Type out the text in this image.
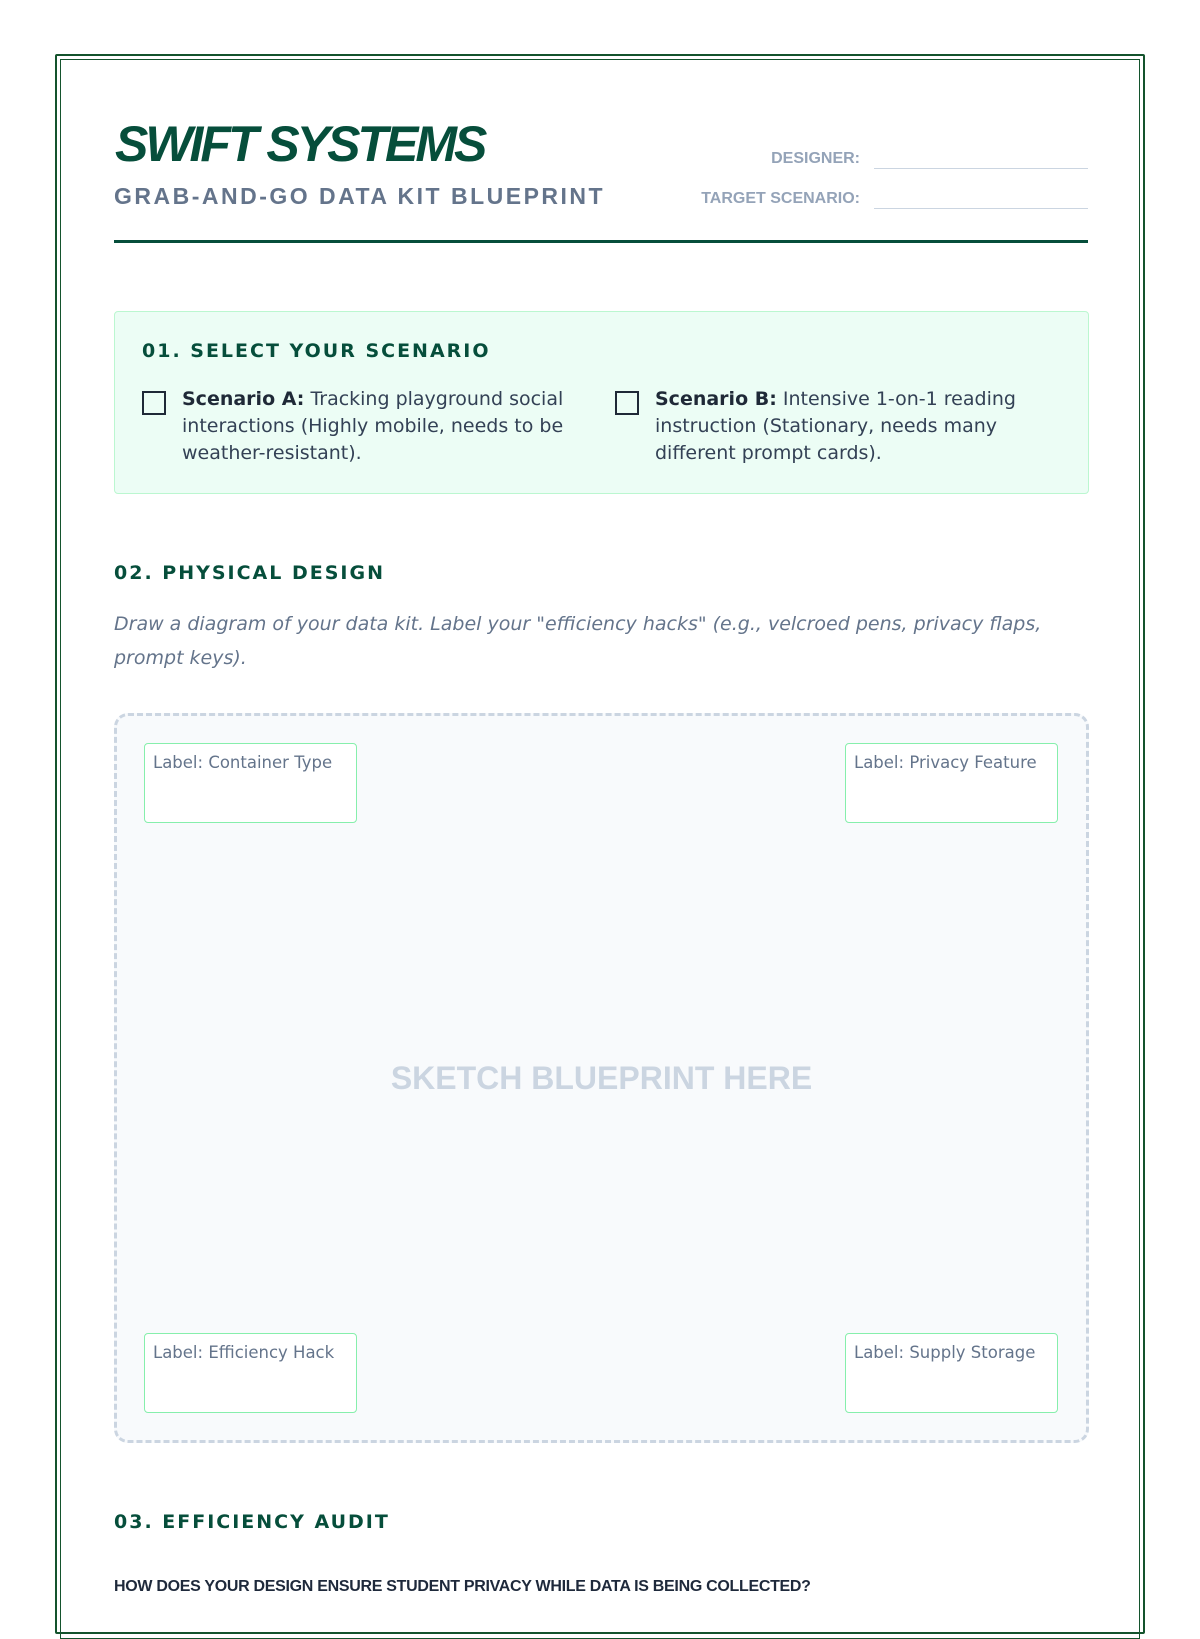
SWIFT SYSTEMS
GRAB-AND-GO DATA KIT BLUEPRINT
DESIGNER:
TARGET SCENARIO:
01. SELECT YOUR SCENARIO
Scenario A: Tracking playground social interactions (Highly mobile, needs to be weather-resistant).
Scenario B: Intensive 1-on-1 reading instruction (Stationary, needs many different prompt cards).
02. PHYSICAL DESIGN
Draw a diagram of your data kit. Label your "efficiency hacks" (e.g., velcroed pens, privacy flaps, prompt keys).
SKETCH BLUEPRINT HERE
Label: Container Type	Label: Privacy Feature
Label: Efficiency Hack	Label: Supply Storage
03. EFFICIENCY AUDIT
HOW DOES YOUR DESIGN ENSURE STUDENT PRIVACY WHILE DATA IS BEING COLLECTED?
